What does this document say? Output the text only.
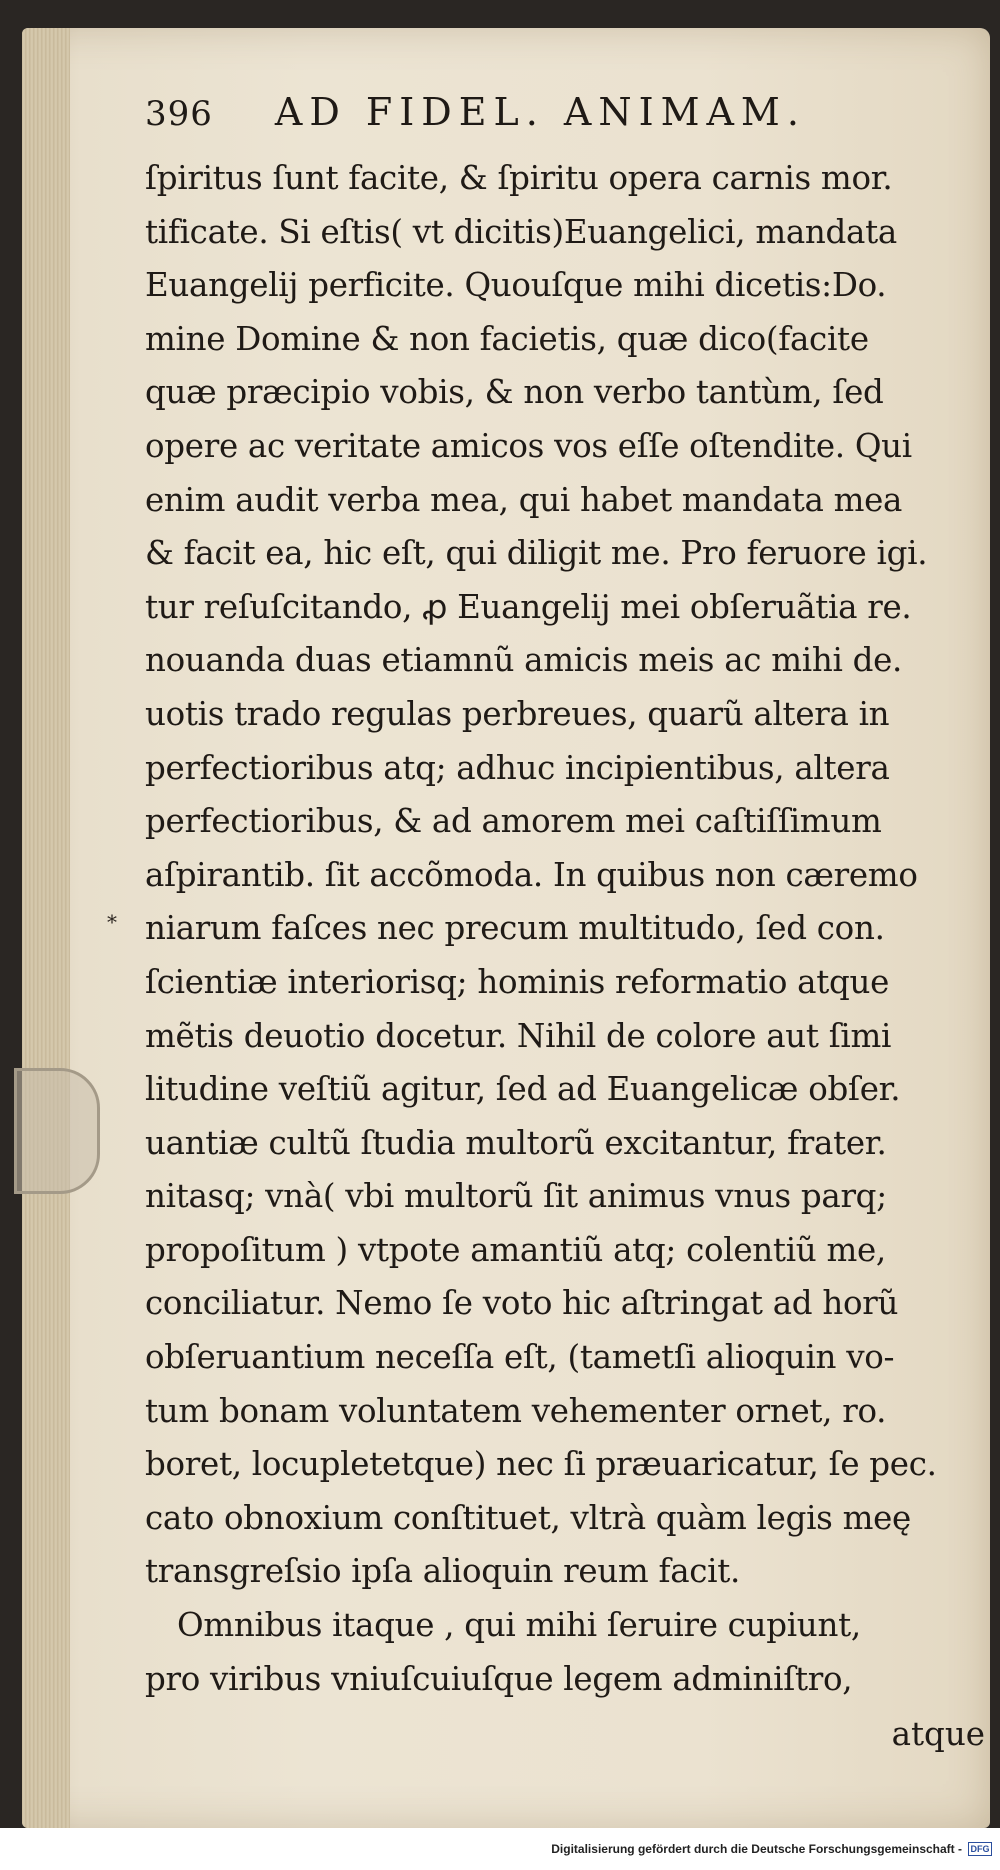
*
396 AD FIDEL. ANIMAM.
ſpiritus ſunt facite, & ſpiritu opera carnis mor.
tificate. Si eſtis( vt dicitis)Euangelici, mandata
Euangelij perficite. Quouſque mihi dicetis:Do.
mine Domine & non facietis, quæ dico(facite
quæ præcipio vobis, & non verbo tantùm, ſed
opere ac veritate amicos vos eſſe oſtendite. Qui
enim audit verba mea, qui habet mandata mea
& facit ea, hic eſt, qui diligit me. Pro feruore igi.
tur reſuſcitando, ꝓ Euangelij mei obſeruãtia re.
nouanda duas etiamnũ amicis meis ac mihi de.
uotis trado regulas perbreues, quarũ altera in
perfectioribus atq; adhuc incipientibus, altera
perfectioribus, & ad amorem mei caſtiſſimum
aſpirantib. ſit accõmoda. In quibus non cæremo
niarum faſces nec precum multitudo, ſed con.
ſcientiæ interiorisq; hominis reformatio atque
mẽtis deuotio docetur. Nihil de colore aut ſimi
litudine veſtiũ agitur, ſed ad Euangelicæ obſer.
uantiæ cultũ ſtudia multorũ excitantur, frater.
nitasq; vnà( vbi multorũ ſit animus vnus parq;
propoſitum ) vtpote amantiũ atq; colentiũ me,
conciliatur. Nemo ſe voto hic aſtringat ad horũ
obſeruantium neceſſa eſt, (tametſi alioquin vo-
tum bonam voluntatem vehementer ornet, ro.
boret, locupletetque) nec ſi præuaricatur, ſe pec.
cato obnoxium conſtituet, vltrà quàm legis meę
transgreſsio ipſa alioquin reum facit.
Omnibus itaque , qui mihi ſeruire cupiunt,
pro viribus vniuſcuiuſque legem adminiſtro,
atque
Digitalisierung gefördert durch die Deutsche Forschungsgemeinschaft - DFG
